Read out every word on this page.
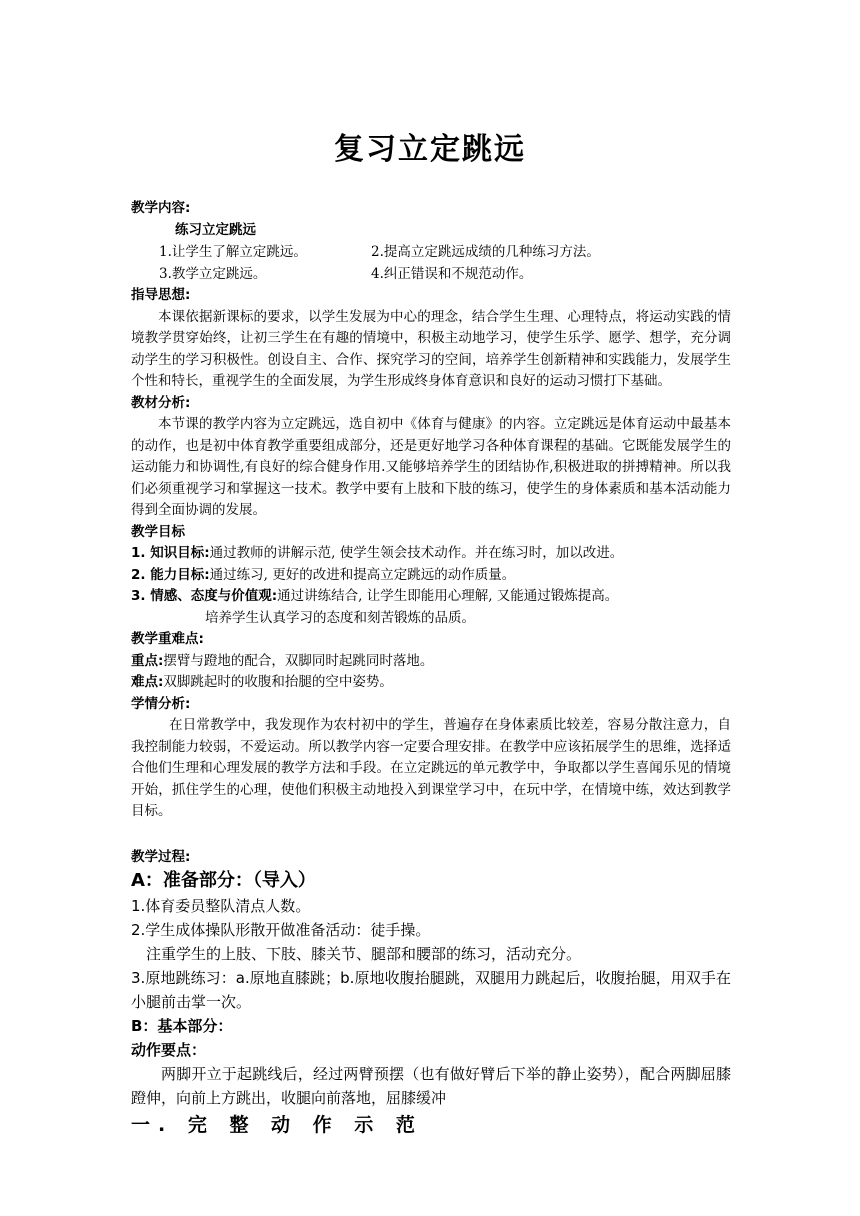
复习立定跳远
教学内容:
练习立定跳远
1.让学生了解立定跳远。	2.提高立定跳远成绩的几种练习方法。
3.教学立定跳远。	4.纠正错误和不规范动作。
指导思想:
本课依据新课标的要求，以学生发展为中心的理念，结合学生生理、心理特点，将运动实践的情境教学贯穿始终，让初三学生在有趣的情境中，积极主动地学习，使学生乐学、愿学、想学，充分调动学生的学习积极性。创设自主、合作、探究学习的空间，培养学生创新精神和实践能力，发展学生个性和特长，重视学生的全面发展，为学生形成终身体育意识和良好的运动习惯打下基础。
教材分析:
本节课的教学内容为立定跳远，选自初中《体育与健康》的内容。立定跳远是体育运动中最基本的动作，也是初中体育教学重要组成部分，还是更好地学习各种体育课程的基础。它既能发展学生的运动能力和协调性,有良好的综合健身作用.又能够培养学生的团结协作,积极进取的拼搏精神。所以我们必须重视学习和掌握这一技术。教学中要有上肢和下肢的练习，使学生的身体素质和基本活动能力得到全面协调的发展。
教学目标
1. 知识目标:通过教师的讲解示范, 使学生领会技术动作。并在练习时，加以改进。
2. 能力目标:通过练习, 更好的改进和提高立定跳远的动作质量。
3. 情感、态度与价值观:通过讲练结合, 让学生即能用心理解, 又能通过锻炼提高。
培养学生认真学习的态度和刻苦锻炼的品质。
教学重难点:
重点:摆臂与蹬地的配合，双脚同时起跳同时落地。
难点:双脚跳起时的收腹和抬腿的空中姿势。
学情分析:
在日常教学中，我发现作为农村初中的学生，普遍存在身体素质比较差，容易分散注意力，自我控制能力较弱，不爱运动。所以教学内容一定要合理安排。在教学中应该拓展学生的思维，选择适合他们生理和心理发展的教学方法和手段。在立定跳远的单元教学中，争取都以学生喜闻乐见的情境开始，抓住学生的心理，使他们积极主动地投入到课堂学习中，在玩中学，在情境中练，效达到教学目标。
教学过程:
A：准备部分：（导入）
1.体育委员整队清点人数。
2.学生成体操队形散开做准备活动：徒手操。
注重学生的上肢、下肢、膝关节、腿部和腰部的练习，活动充分。
3.原地跳练习：a.原地直膝跳；b.原地收腹抬腿跳，双腿用力跳起后，收腹抬腿，用双手在小腿前击掌一次。
B：基本部分：
动作要点：
两脚开立于起跳线后，经过两臂预摆（也有做好臂后下举的静止姿势），配合两脚屈膝蹬伸，向前上方跳出，收腿向前落地，屈膝缓冲
一. 完 整 动 作 示 范
